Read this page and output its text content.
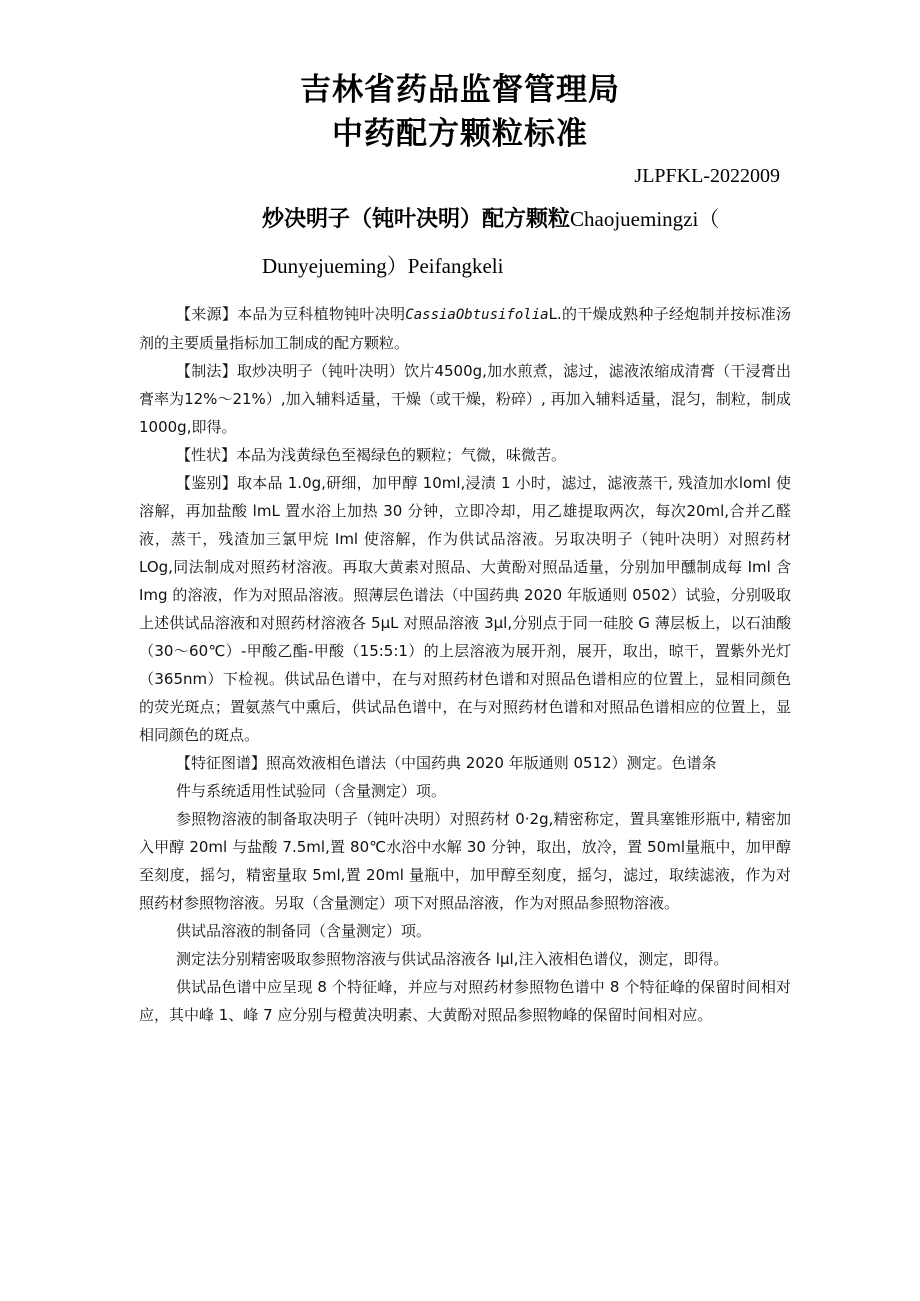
吉林省药品监督管理局
中药配方颗粒标准
JLPFKL-2022009
炒决明子（钝叶决明）配方颗粒Chaojuemingzi（ Dunyejueming）Peifangkeli

【来源】本品为豆科植物钝叶决明CassiaObtusifoliaL.的干燥成熟种子经炮制并按标准汤剂的主要质量指标加工制成的配方颗粒。

【制法】取炒决明子（钝叶决明）饮片4500g,加水煎煮，滤过，滤液浓缩成清膏（干浸膏出膏率为12%～21%）,加入辅料适量，干燥（或干燥，粉碎）, 再加入辅料适量，混匀，制粒，制成1000g,即得。

【性状】本品为浅黄绿色至褐绿色的颗粒；气微，味微苦。

【鉴别】取本品 1.0g,研细，加甲醇 10ml,浸渍 1 小时，滤过，滤液蒸干, 残渣加水loml 使溶解，再加盐酸 lmL 置水浴上加热 30 分钟，立即冷却，用乙雄提取两次，每次20ml,合并乙醛液，蒸干，残渣加三氯甲烷 Iml 使溶解，作为供试品溶液。另取决明子（钝叶决明）对照药材 LOg,同法制成对照药材溶液。再取大黄素对照品、大黄酚对照品适量，分别加甲醺制成每 Iml 含 Img 的溶液，作为对照品溶液。照薄层色谱法（中国药典 2020 年版通则 0502）试验，分别吸取上述供试品溶液和对照药材溶液各 5μL 对照品溶液 3μl,分别点于同一硅胶 G 薄层板上，以石油酸（30～60℃）-甲酸乙酯-甲酸（15:5:1）的上层溶液为展开剂，展开，取出，晾干，置紫外光灯（365nm）下检视。供试品色谱中，在与对照药材色谱和对照品色谱相应的位置上，显相同颜色的荧光斑点；置氨蒸气中熏后，供试品色谱中，在与对照药材色谱和对照品色谱相应的位置上，显相同颜色的斑点。

【特征图谱】照高效液相色谱法（中国药典 2020 年版通则 0512）测定。色谱条

件与系统适用性试验同（含量测定）项。

参照物溶液的制备取决明子（钝叶决明）对照药材 0·2g,精密称定，置具塞锥形瓶中, 精密加入甲醇 20ml 与盐酸 7.5ml,置 80℃水浴中水解 30 分钟，取出，放冷，置 50ml量瓶中，加甲醇至刻度，摇匀，精密量取 5ml,置 20ml 量瓶中，加甲醇至刻度，摇匀，滤过，取续滤液，作为对照药材参照物溶液。另取（含量测定）项下对照品溶液，作为对照品参照物溶液。

供试品溶液的制备同（含量测定）项。

测定法分别精密吸取参照物溶液与供试品溶液各 lμl,注入液相色谱仪，测定，即得。

供试品色谱中应呈现 8 个特征峰，并应与对照药材参照物色谱中 8 个特征峰的保留时间相对应，其中峰 1、峰 7 应分别与橙黄决明素、大黄酚对照品参照物峰的保留时间相对应。
